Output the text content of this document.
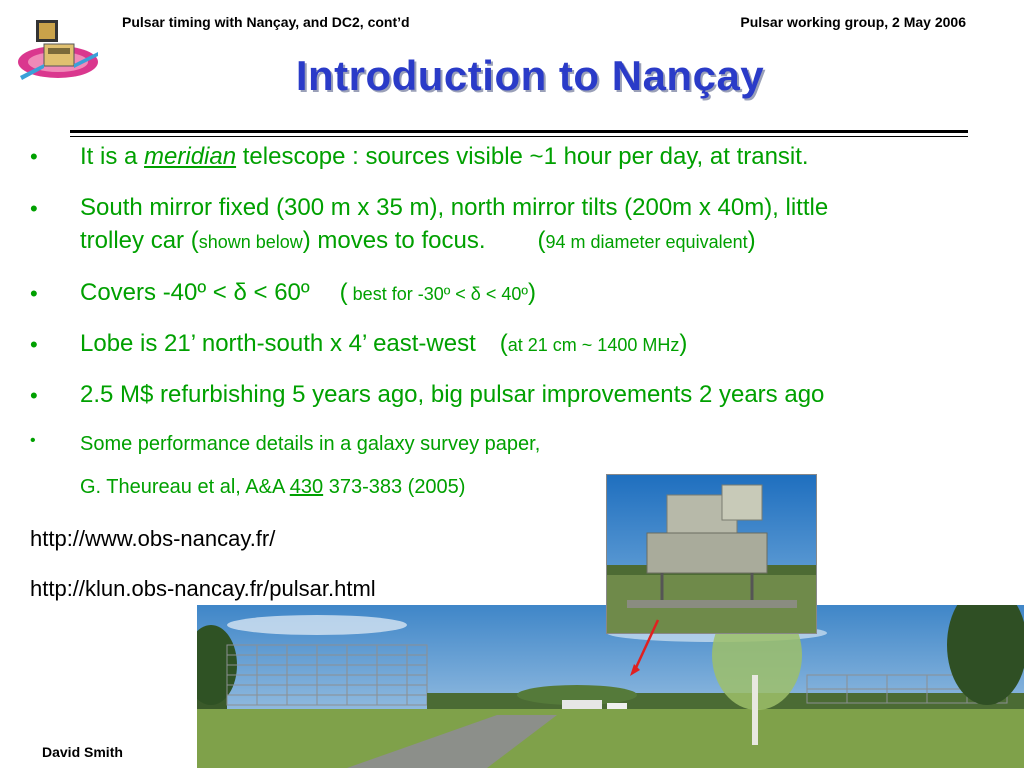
Pulsar timing with Nançay, and DC2, cont’d	Pulsar working group, 2 May 2006
Introduction to Nançay
• It is a meridian telescope : sources visible ~1 hour per day, at transit.
• South mirror fixed (300 m x 35 m), north mirror tilts (200m x 40m), little
trolley car (shown below) moves to focus. (94 m diameter equivalent)
• Covers -40º < δ < 60º ( best for -30º < δ < 40º)
• Lobe is 21’ north-south x 4’ east-west (at 21 cm ~ 1400 MHz)
• 2.5 M$ refurbishing 5 years ago, big pulsar improvements 2 years ago
• Some performance details in a galaxy survey paper,
G. Theureau et al, A&A 430 373-383 (2005)
http://www.obs-nancay.fr/
http://klun.obs-nancay.fr/pulsar.html
David Smith
